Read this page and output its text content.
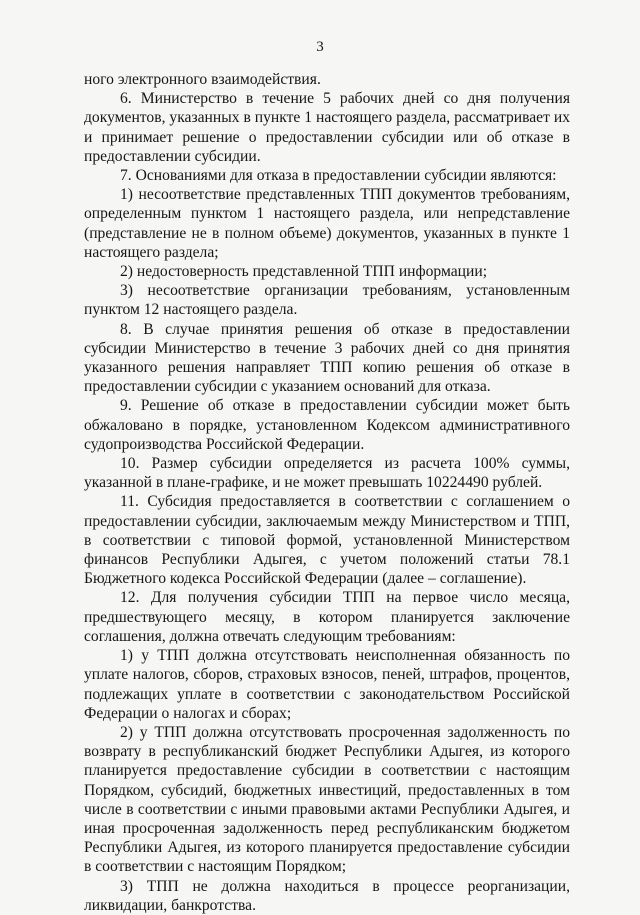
3

ного электронного взаимодействия.

6. Министерство в течение 5 рабочих дней со дня получения документов, указанных в пункте 1 настоящего раздела, рассматривает их и принимает решение о предоставлении субсидии или об отказе в предоставлении субсидии.

7. Основаниями для отказа в предоставлении субсидии являются:

1) несоответствие представленных ТПП документов требованиям, определенным пунктом 1 настоящего раздела, или непредставление (представление не в полном объеме) документов, указанных в пункте 1 настоящего раздела;

2) недостоверность представленной ТПП информации;

3) несоответствие организации требованиям, установленным пунктом 12 настоящего раздела.

8. В случае принятия решения об отказе в предоставлении субсидии Министерство в течение 3 рабочих дней со дня принятия указанного решения направляет ТПП копию решения об отказе в предоставлении субсидии с указанием оснований для отказа.

9. Решение об отказе в предоставлении субсидии может быть обжаловано в порядке, установленном Кодексом административного судопроизводства Российской Федерации.

10. Размер субсидии определяется из расчета 100% суммы, указанной в плане-графике, и не может превышать 10224490 рублей.

11. Субсидия предоставляется в соответствии с соглашением о предоставлении субсидии, заключаемым между Министерством и ТПП, в соответствии с типовой формой, установленной Министерством финансов Республики Адыгея, с учетом положений статьи 78.1 Бюджетного кодекса Российской Федерации (далее – соглашение).

12. Для получения субсидии ТПП на первое число месяца, предшествующего месяцу, в котором планируется заключение соглашения, должна отвечать следующим требованиям:

1) у ТПП должна отсутствовать неисполненная обязанность по уплате налогов, сборов, страховых взносов, пеней, штрафов, процентов, подлежащих уплате в соответствии с законодательством Российской Федерации о налогах и сборах;

2) у ТПП должна отсутствовать просроченная задолженность по возврату в республиканский бюджет Республики Адыгея, из которого планируется предоставление субсидии в соответствии с настоящим Порядком, субсидий, бюджетных инвестиций, предоставленных в том числе в соответствии с иными правовыми актами Республики Адыгея, и иная просроченная задолженность перед республиканским бюджетом Республики Адыгея, из которого планируется предоставление субсидии в соответствии с настоящим Порядком;

3) ТПП не должна находиться в процессе реорганизации, ликвидации, банкротства.
